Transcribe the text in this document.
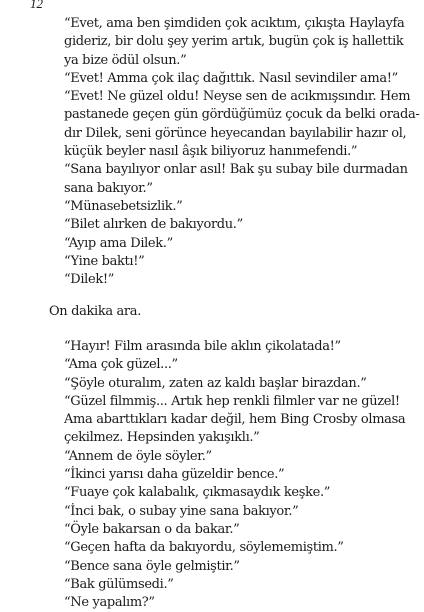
12

“Evet, ama ben şimdiden çok acıktım, çıkışta Haylayfa

gideriz, bir dolu şey yerim artık, bugün çok iş hallettik

ya bize ödül olsun.”

“Evet! Amma çok ilaç dağıttık. Nasıl sevindiler ama!”

“Evet! Ne güzel oldu! Neyse sen de acıkmışsındır. Hem

pastanede geçen gün gördüğümüz çocuk da belki orada-

dır Dilek, seni görünce heyecandan bayılabilir hazır ol,

küçük beyler nasıl âşık biliyoruz hanımefendi.”

“Sana bayılıyor onlar asıl! Bak şu subay bile durmadan

sana bakıyor.”

“Münasebetsizlik.”

“Bilet alırken de bakıyordu.”

“Ayıp ama Dilek.”

“Yine baktı!”

“Dilek!”

On dakika ara.

“Hayır! Film arasında bile aklın çikolatada!”

“Ama çok güzel...”

“Şöyle oturalım, zaten az kaldı başlar birazdan.”

“Güzel filmmiş... Artık hep renkli filmler var ne güzel!

Ama abarttıkları kadar değil, hem Bing Crosby olmasa

çekilmez. Hepsinden yakışıklı.”

“Annem de öyle söyler.”

“İkinci yarısı daha güzeldir bence.”

“Fuaye çok kalabalık, çıkmasaydık keşke.”

“İnci bak, o subay yine sana bakıyor.”

“Öyle bakarsan o da bakar.”

“Geçen hafta da bakıyordu, söylememiştim.”

“Bence sana öyle gelmiştir.”

“Bak gülümsedi.”

“Ne yapalım?”
